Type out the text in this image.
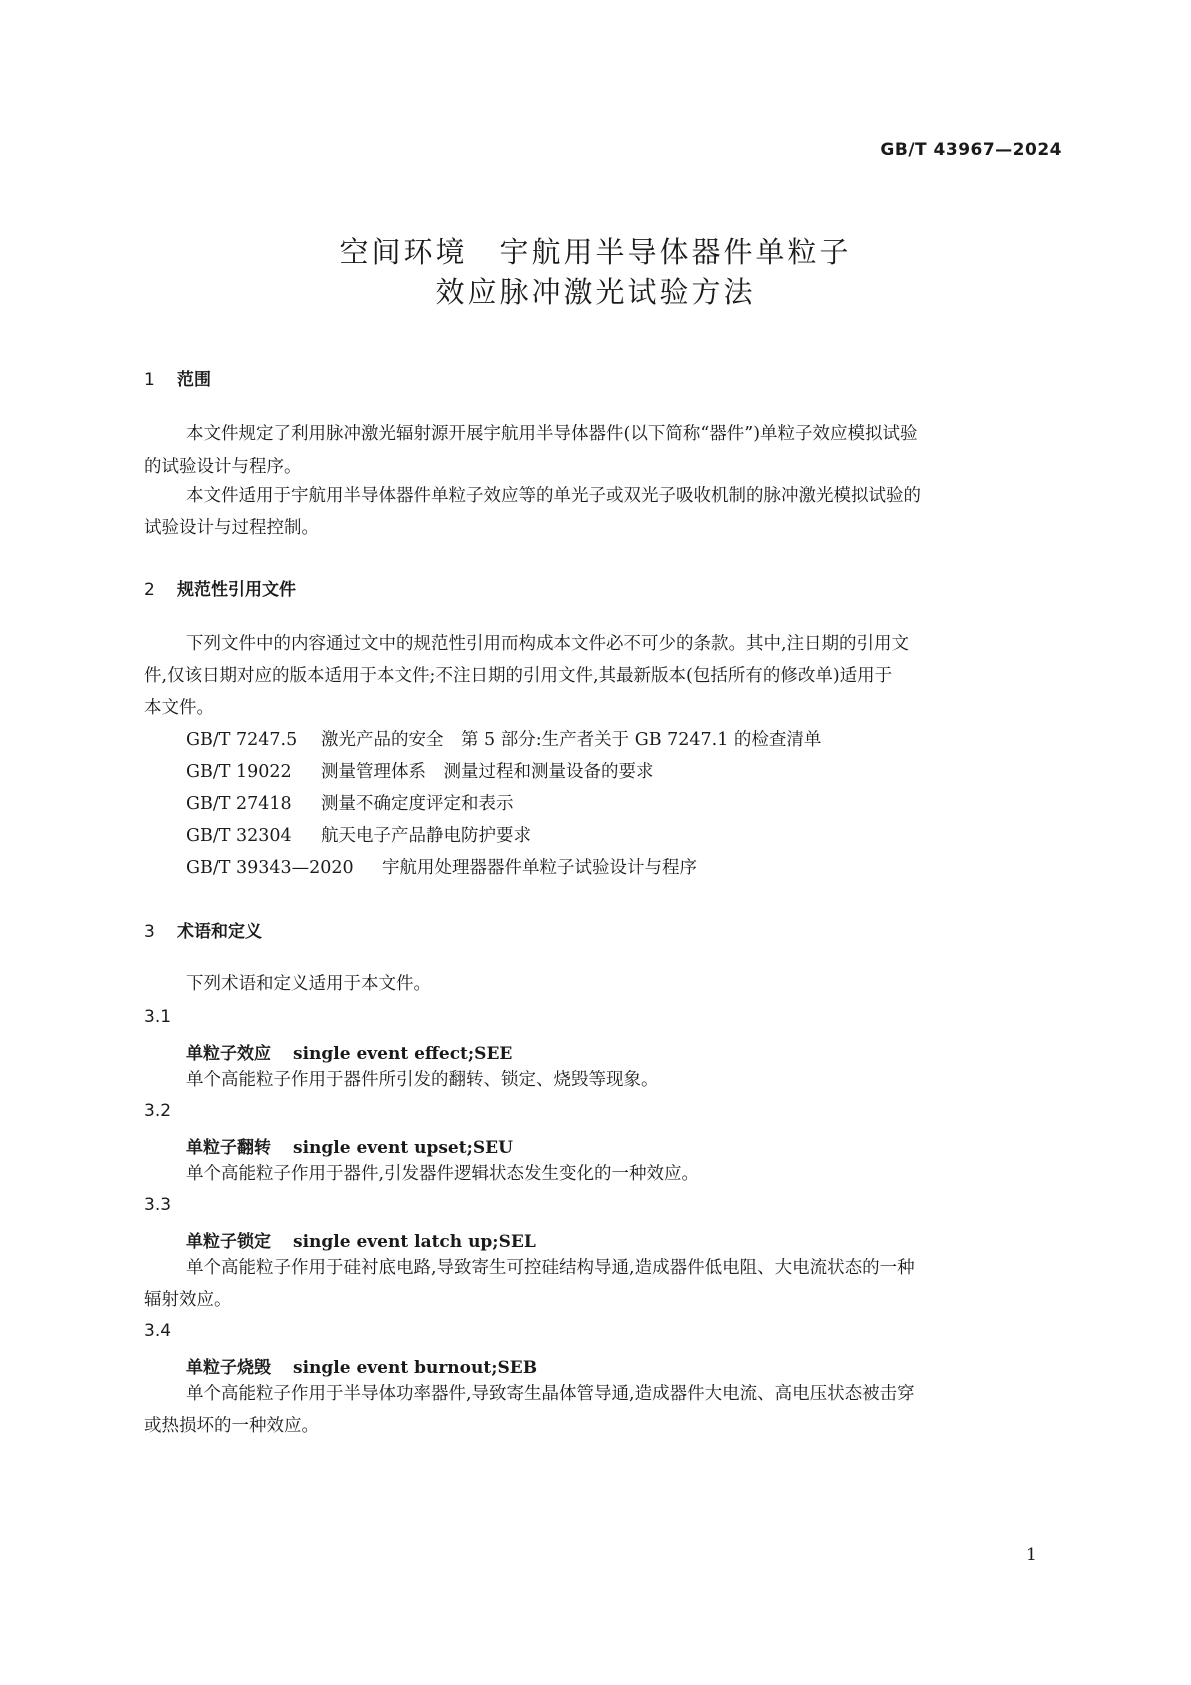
GB/T 43967—2024
空间环境　宇航用半导体器件单粒子
效应脉冲激光试验方法
1 范围
本文件规定了利用脉冲激光辐射源开展宇航用半导体器件(以下简称“器件”)单粒子效应模拟试验
的试验设计与程序。
本文件适用于宇航用半导体器件单粒子效应等的单光子或双光子吸收机制的脉冲激光模拟试验的
试验设计与过程控制。
2 规范性引用文件
下列文件中的内容通过文中的规范性引用而构成本文件必不可少的条款。其中,注日期的引用文
件,仅该日期对应的版本适用于本文件;不注日期的引用文件,其最新版本(包括所有的修改单)适用于
本文件。
GB/T 7247.5 激光产品的安全　第 5 部分:生产者关于 GB 7247.1 的检查清单
GB/T 19022 测量管理体系　测量过程和测量设备的要求
GB/T 27418 测量不确定度评定和表示
GB/T 32304 航天电子产品静电防护要求
GB/T 39343—2020 宇航用处理器器件单粒子试验设计与程序
3 术语和定义
下列术语和定义适用于本文件。
3.1
单粒子效应 single event effect;SEE
单个高能粒子作用于器件所引发的翻转、锁定、烧毁等现象。
3.2
单粒子翻转 single event upset;SEU
单个高能粒子作用于器件,引发器件逻辑状态发生变化的一种效应。
3.3
单粒子锁定 single event latch up;SEL
单个高能粒子作用于硅衬底电路,导致寄生可控硅结构导通,造成器件低电阻、大电流状态的一种
辐射效应。
3.4
单粒子烧毁 single event burnout;SEB
单个高能粒子作用于半导体功率器件,导致寄生晶体管导通,造成器件大电流、高电压状态被击穿
或热损坏的一种效应。
1
